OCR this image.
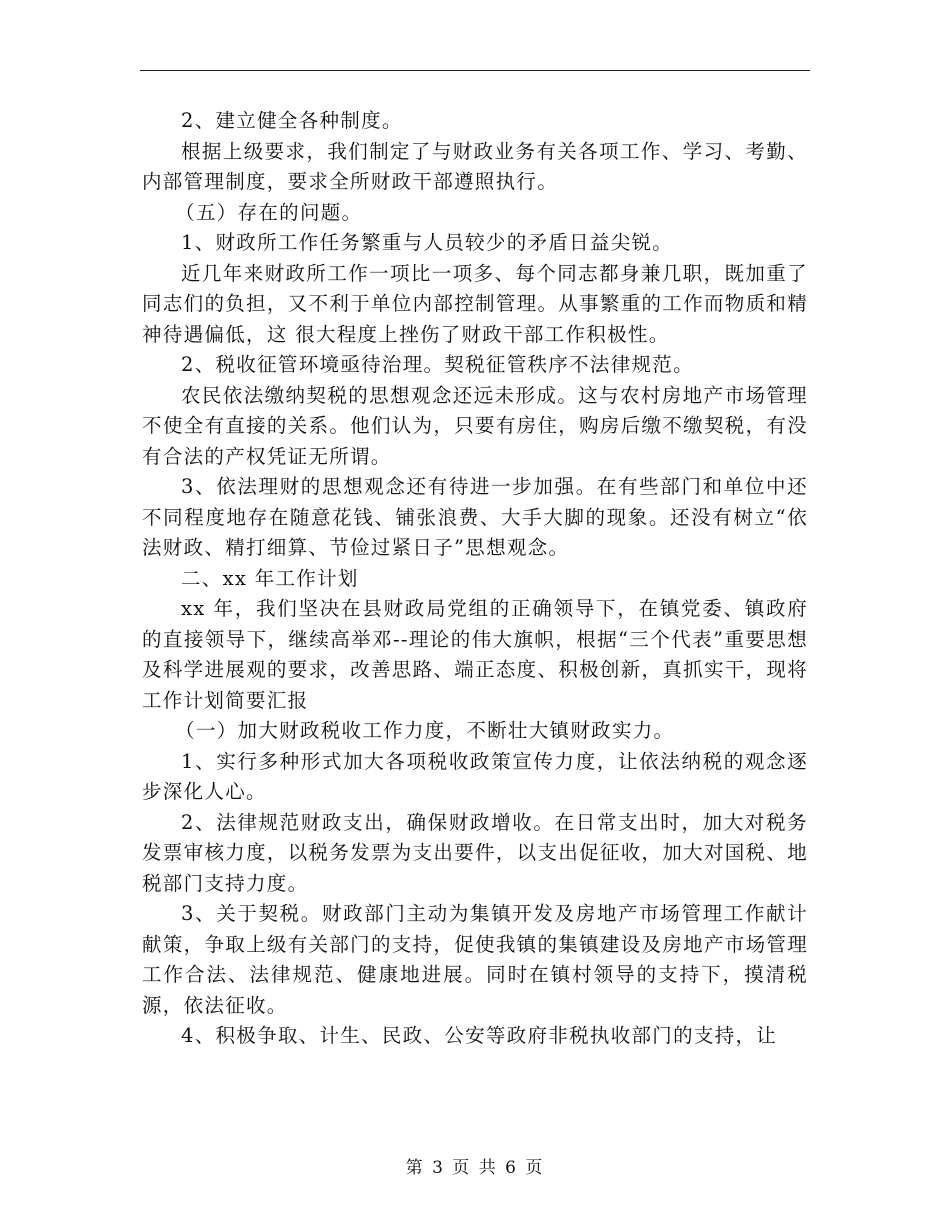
2、建立健全各种制度。

根据上级要求，我们制定了与财政业务有关各项工作、学习、考勤、内部管理制度，要求全所财政干部遵照执行。

（五）存在的问题。

1、财政所工作任务繁重与人员较少的矛盾日益尖锐。

近几年来财政所工作一项比一项多、每个同志都身兼几职，既加重了同志们的负担，又不利于单位内部控制管理。从事繁重的工作而物质和精神待遇偏低，这 很大程度上挫伤了财政干部工作积极性。

2、税收征管环境亟待治理。契税征管秩序不法律规范。

农民依法缴纳契税的思想观念还远未形成。这与农村房地产市场管理不使全有直接的关系。他们认为，只要有房住，购房后缴不缴契税，有没有合法的产权凭证无所谓。

3、依法理财的思想观念还有待进一步加强。在有些部门和单位中还不同程度地存在随意花钱、铺张浪费、大手大脚的现象。还没有树立“依法财政、精打细算、节俭过紧日子”思想观念。

二、xx 年工作计划

xx 年，我们坚决在县财政局党组的正确领导下，在镇党委、镇政府的直接领导下，继续高举邓--理论的伟大旗帜，根据“三个代表”重要思想及科学进展观的要求，改善思路、端正态度、积极创新，真抓实干，现将工作计划简要汇报

（一）加大财政税收工作力度，不断壮大镇财政实力。

1、实行多种形式加大各项税收政策宣传力度，让依法纳税的观念逐步深化人心。

2、法律规范财政支出，确保财政增收。在日常支出时，加大对税务发票审核力度，以税务发票为支出要件，以支出促征收，加大对国税、地税部门支持力度。

3、关于契税。财政部门主动为集镇开发及房地产市场管理工作献计献策，争取上级有关部门的支持，促使我镇的集镇建设及房地产市场管理工作合法、法律规范、健康地进展。同时在镇村领导的支持下，摸清税源，依法征收。

4、积极争取、计生、民政、公安等政府非税执收部门的支持，让

第 3 页 共 6 页
